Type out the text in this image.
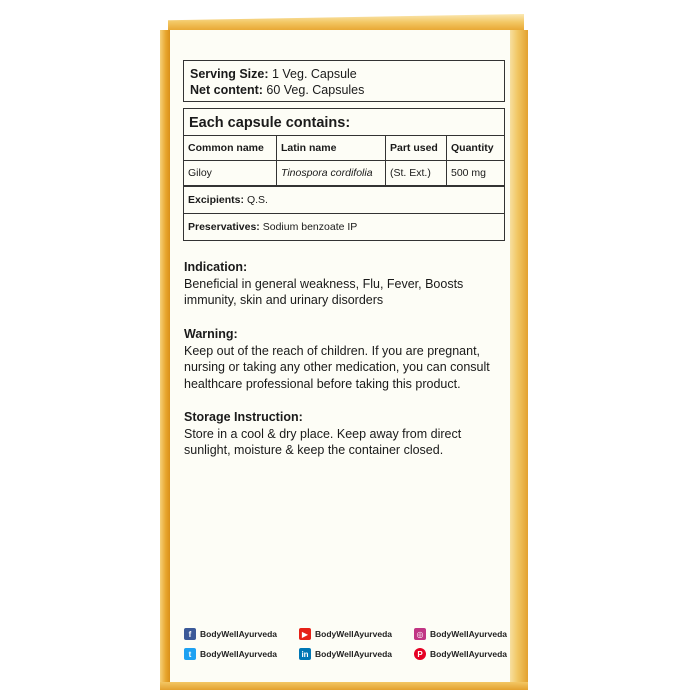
Serving Size: 1 Veg. Capsule
Net content: 60 Veg. Capsules
Each capsule contains:
Common name	Latin name	Part used	Quantity
Giloy	Tinospora cordifolia	(St. Ext.)	500 mg
Excipients: Q.S.
Preservatives: Sodium benzoate IP
Indication:
Beneficial in general weakness, Flu, Fever, Boosts immunity, skin and urinary disorders
Warning:
Keep out of the reach of children. If you are pregnant, nursing or taking any other medication, you can consult healthcare professional before taking this product.
Storage Instruction:
Store in a cool & dry place. Keep away from direct sunlight, moisture & keep the container closed.
f	BodyWellAyurveda	▶ BodyWellAyurveda	◎ BodyWellAyurveda
t	BodyWellAyurveda	in BodyWellAyurveda	P BodyWellAyurveda
